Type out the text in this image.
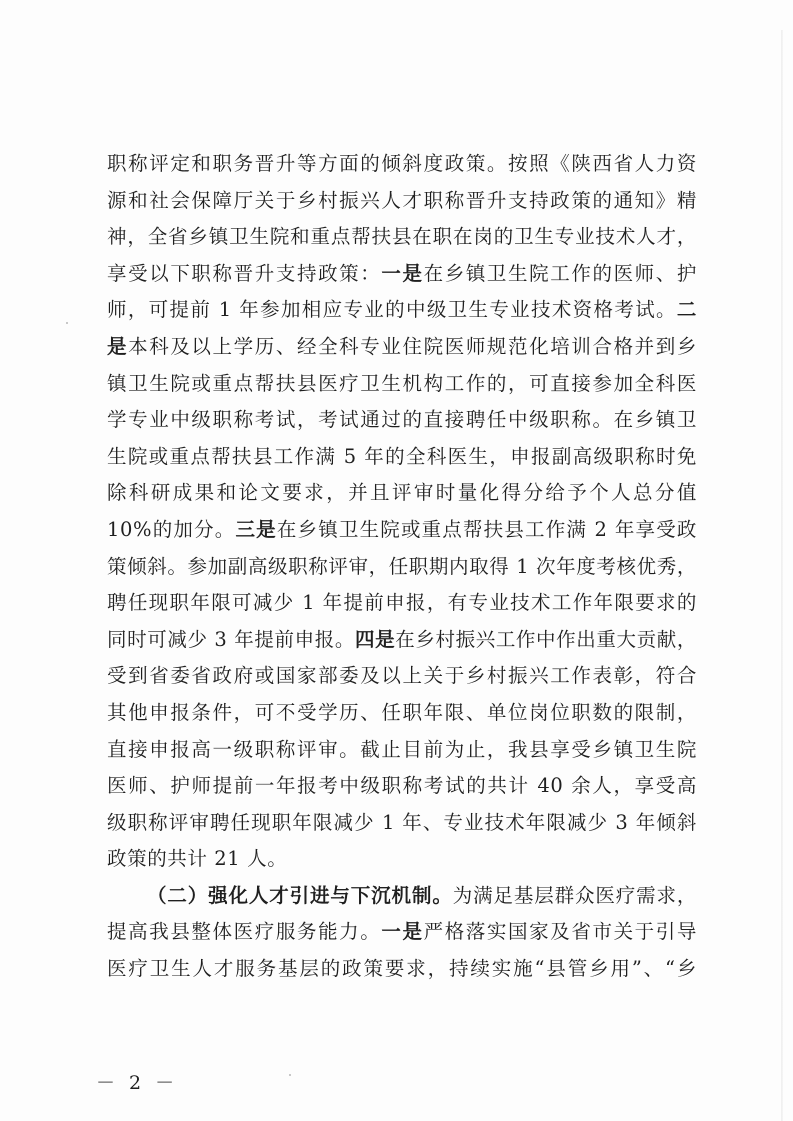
职称评定和职务晋升等方面的倾斜度政策。按照《陕西省人力资
源和社会保障厅关于乡村振兴人才职称晋升支持政策的通知》精
神，全省乡镇卫生院和重点帮扶县在职在岗的卫生专业技术人才，
享受以下职称晋升支持政策：一是在乡镇卫生院工作的医师、护
师，可提前 1 年参加相应专业的中级卫生专业技术资格考试。二
是本科及以上学历、经全科专业住院医师规范化培训合格并到乡
镇卫生院或重点帮扶县医疗卫生机构工作的，可直接参加全科医
学专业中级职称考试，考试通过的直接聘任中级职称。在乡镇卫
生院或重点帮扶县工作满 5 年的全科医生，申报副高级职称时免
除科研成果和论文要求，并且评审时量化得分给予个人总分值
10%的加分。三是在乡镇卫生院或重点帮扶县工作满 2 年享受政
策倾斜。参加副高级职称评审，任职期内取得 1 次年度考核优秀，
聘任现职年限可减少 1 年提前申报，有专业技术工作年限要求的
同时可减少 3 年提前申报。四是在乡村振兴工作中作出重大贡献，
受到省委省政府或国家部委及以上关于乡村振兴工作表彰，符合
其他申报条件，可不受学历、任职年限、单位岗位职数的限制，
直接申报高一级职称评审。截止目前为止，我县享受乡镇卫生院
医师、护师提前一年报考中级职称考试的共计 40 余人，享受高
级职称评审聘任现职年限减少 1 年、专业技术年限减少 3 年倾斜
政策的共计 21 人。
（二）强化人才引进与下沉机制。为满足基层群众医疗需求，
提高我县整体医疗服务能力。一是严格落实国家及省市关于引导
医疗卫生人才服务基层的政策要求，持续实施“县管乡用”、“乡
－ 2 －
